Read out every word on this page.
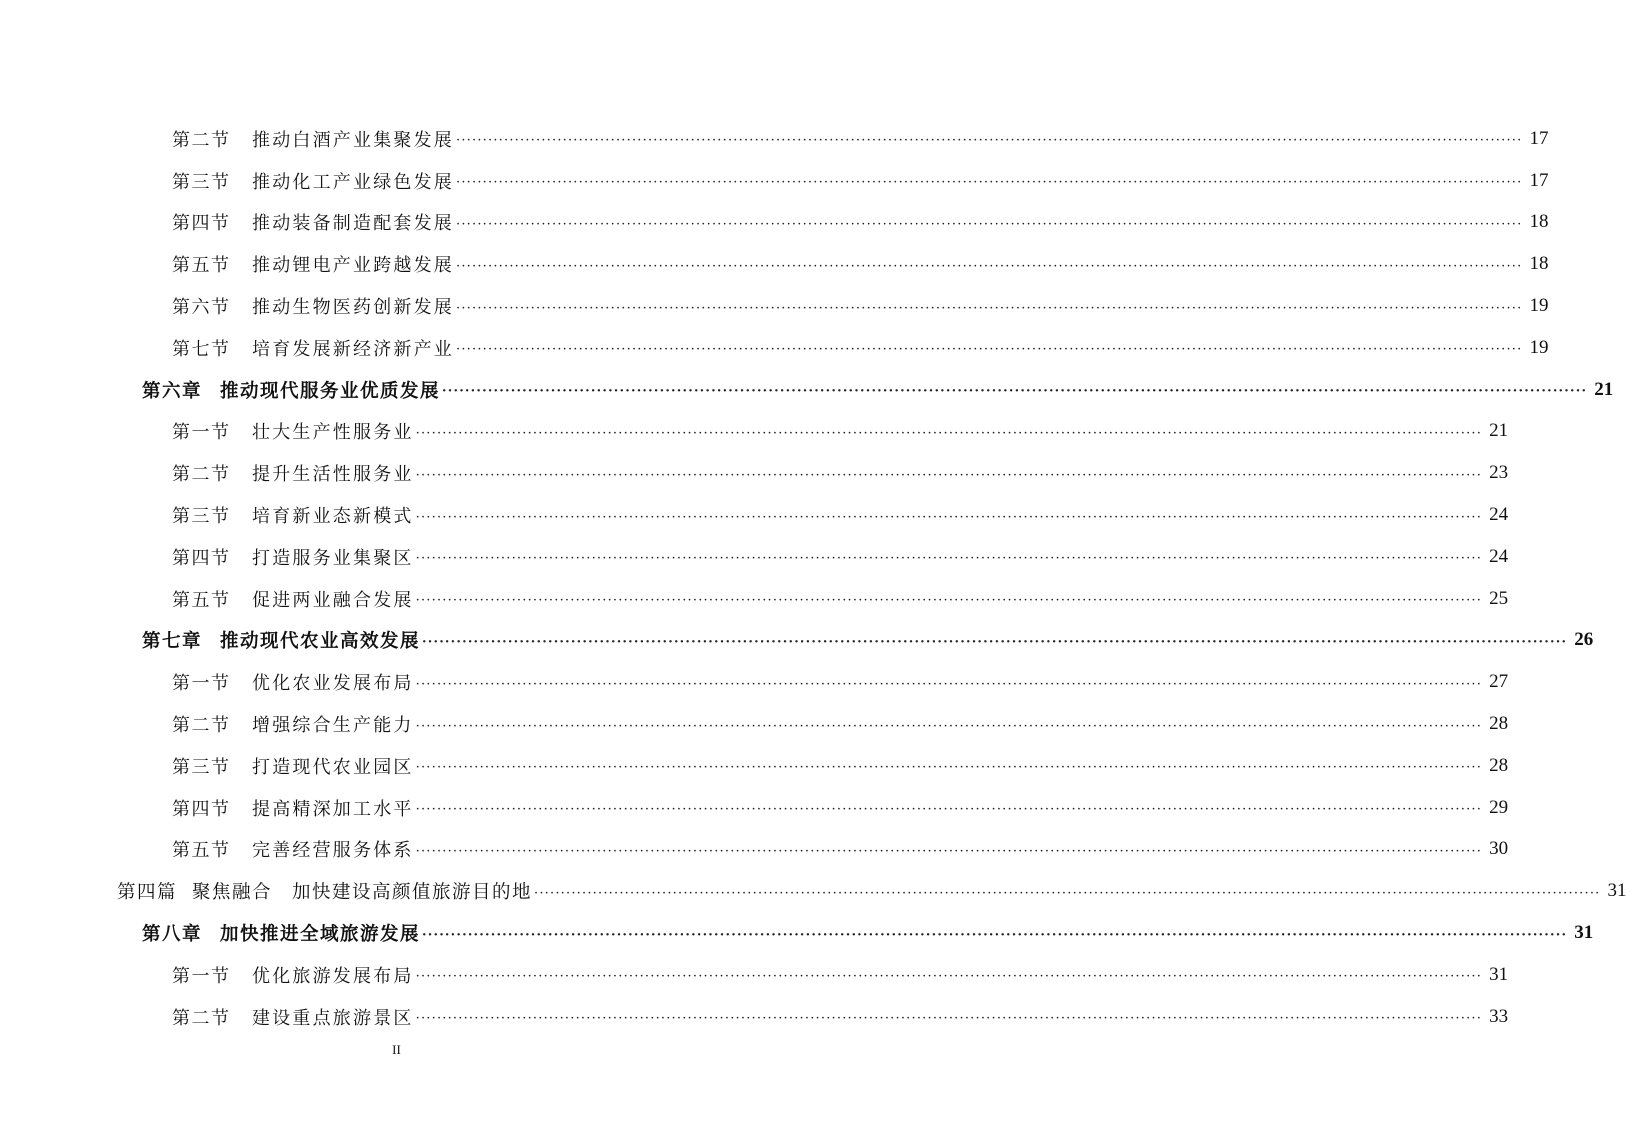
第二节	推动白酒产业集聚发展 ········································································································································································································ 17
第三节	推动化工产业绿色发展 ········································································································································································································ 17
第四节	推动装备制造配套发展 ········································································································································································································ 18
第五节	推动锂电产业跨越发展 ········································································································································································································ 18
第六节	推动生物医药创新发展 ········································································································································································································ 19
第七节	培育发展新经济新产业 ········································································································································································································ 19
第六章 推动现代服务业优质发展 ········································································································································································································ 21
第一节	壮大生产性服务业 ········································································································································································································ 21
第二节	提升生活性服务业 ········································································································································································································ 23
第三节	培育新业态新模式 ········································································································································································································ 24
第四节	打造服务业集聚区 ········································································································································································································ 24
第五节	促进两业融合发展 ········································································································································································································ 25
第七章 推动现代农业高效发展 ········································································································································································································ 26
第一节	优化农业发展布局 ········································································································································································································ 27
第二节	增强综合生产能力 ········································································································································································································ 28
第三节	打造现代农业园区 ········································································································································································································ 28
第四节	提高精深加工水平 ········································································································································································································ 29
第五节	完善经营服务体系 ········································································································································································································ 30
第四篇 聚焦融合　加快建设高颜值旅游目的地 ········································································································································································································ 31
第八章 加快推进全域旅游发展 ········································································································································································································ 31
第一节	优化旅游发展布局 ········································································································································································································ 31
第二节	建设重点旅游景区 ········································································································································································································ 33
II
